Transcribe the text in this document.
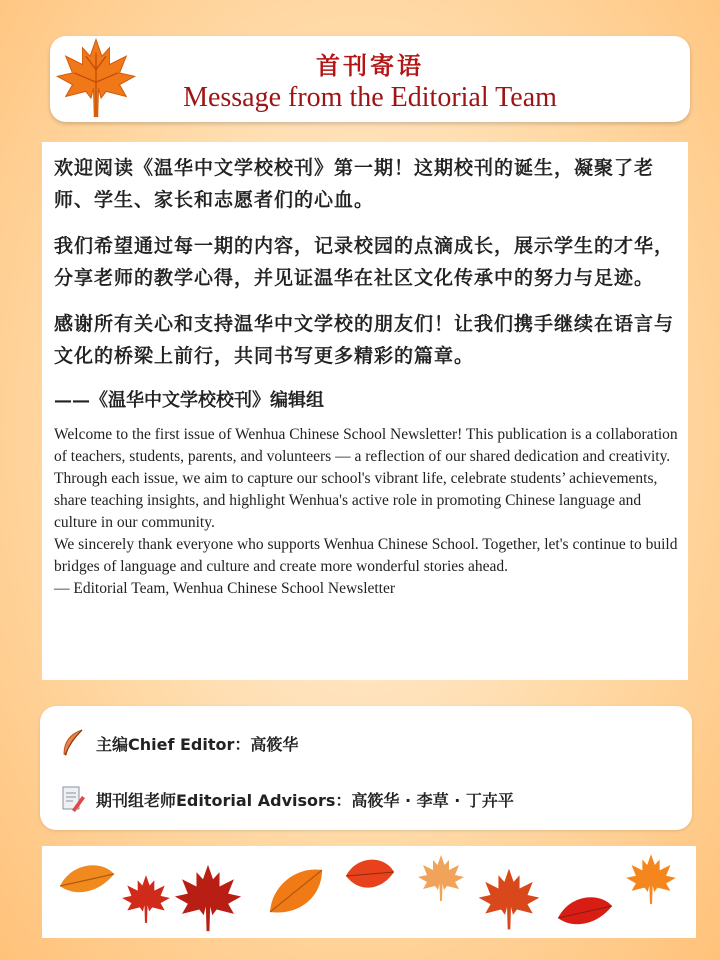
首刊寄语
Message from the Editorial Team

欢迎阅读《温华中文学校校刊》第一期！这期校刊的诞生，凝聚了老师、学生、家长和志愿者们的心血。

我们希望通过每一期的内容，记录校园的点滴成长，展示学生的才华，分享老师的教学心得，并见证温华在社区文化传承中的努力与足迹。

感谢所有关心和支持温华中文学校的朋友们！让我们携手继续在语言与文化的桥梁上前行，共同书写更多精彩的篇章。

——《温华中文学校校刊》编辑组

Welcome to the first issue of Wenhua Chinese School Newsletter! This publication is a collaboration of teachers, students, parents, and volunteers — a reflection of our shared dedication and creativity.

Through each issue, we aim to capture our school's vibrant life, celebrate students’ achievements, share teaching insights, and highlight Wenhua's active role in promoting Chinese language and culture in our community.

We sincerely thank everyone who supports Wenhua Chinese School. Together, let's continue to build bridges of language and culture and create more wonderful stories ahead.

— Editorial Team, Wenhua Chinese School Newsletter

主编Chief Editor： 高筱华
期刊组老师Editorial Advisors： 高筱华 · 李草 · 丁卉平
